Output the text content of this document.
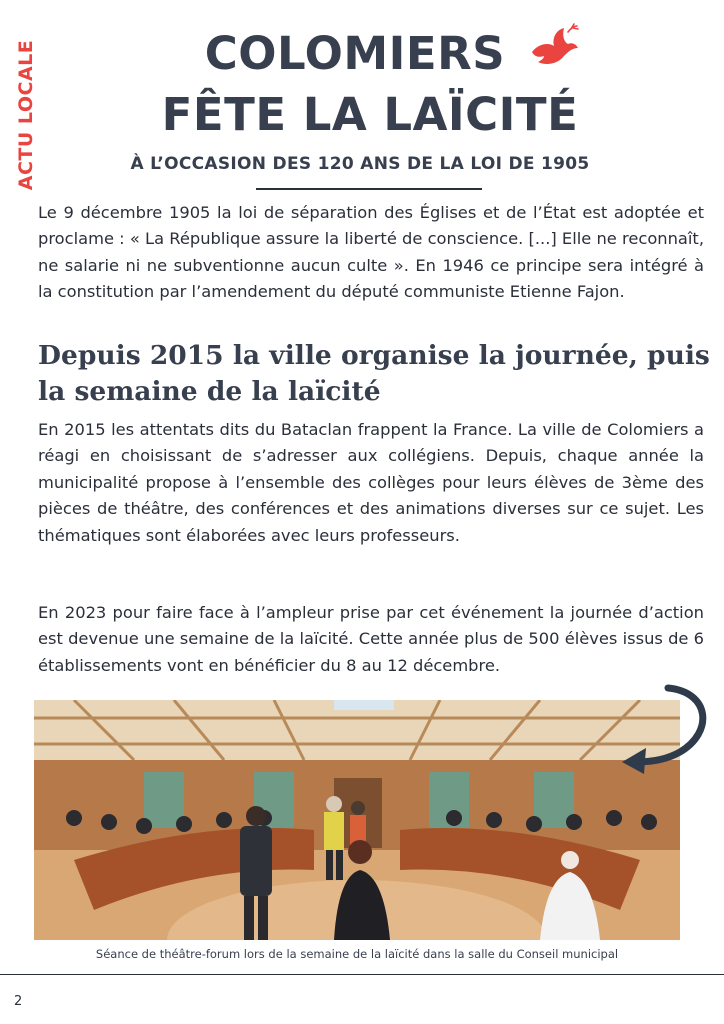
ACTU LOCALE	COLOMIERS
FÊTE LA LAÏCITÉ
À L’OCCASION DES 120 ANS DE LA LOI DE 1905

Le 9 décembre 1905 la loi de séparation des Églises et de l’État est adoptée et proclame : « La République assure la liberté de conscience. [...] Elle ne reconnaît, ne salarie ni ne subventionne aucun culte ». En 1946 ce principe sera intégré à la constitution par l’amendement du député communiste Etienne Fajon.

Depuis 2015 la ville organise la journée, puis la semaine de la laïcité

En 2015 les attentats dits du Bataclan frappent la France. La ville de Colomiers a réagi en choisissant de s’adresser aux collégiens. Depuis, chaque année la municipalité propose à l’ensemble des collèges pour leurs élèves de 3ème des pièces de théâtre, des conférences et des animations diverses sur ce sujet. Les thématiques sont élaborées avec leurs professeurs.

En 2023 pour faire face à l’ampleur prise par cet événement la journée d’action est devenue une semaine de la laïcité. Cette année plus de 500 élèves issus de 6 établissements vont en bénéficier du 8 au 12 décembre.

Séance de théâtre-forum lors de la semaine de la laïcité dans la salle du Conseil municipal
2
